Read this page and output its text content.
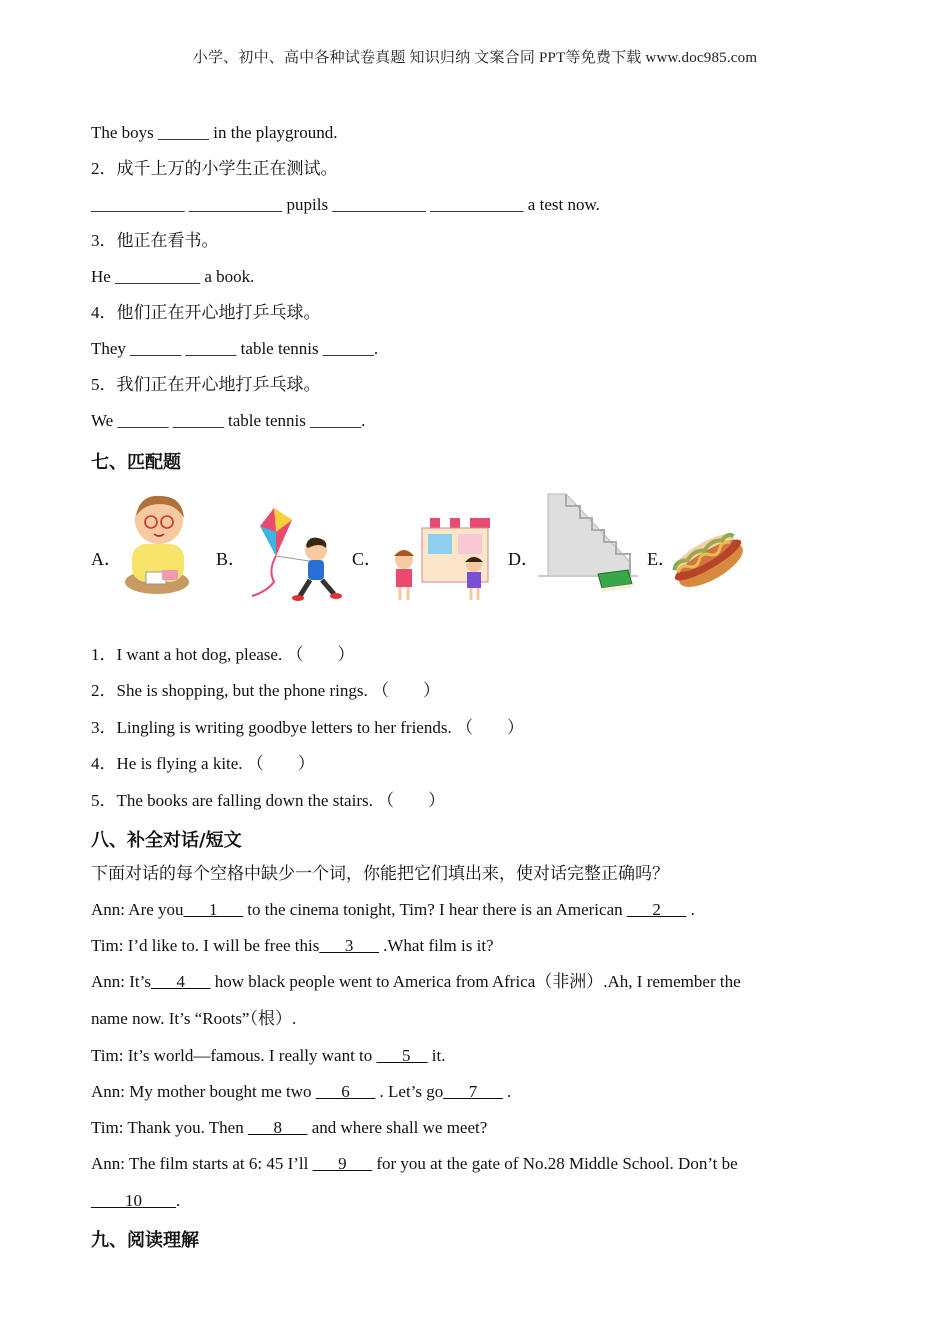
小学、初中、高中各种试卷真题 知识归纳 文案合同 PPT等免费下载 www.doc985.com
The boys ______ in the playground.
2．成千上万的小学生正在测试。
___________ ___________ pupils ___________ ___________ a test now.
3．他正在看书。
He __________ a book.
4．他们正在开心地打乒乓球。
They ______ ______ table tennis ______.
5．我们正在开心地打乒乓球。
We ______ ______ table tennis ______.
七、匹配题
A．	B．	C．	D．	E．
1．I want a hot dog, please. （　　）
2．She is shopping, but the phone rings. （　　）
3．Lingling is writing goodbye letters to her friends. （　　）
4．He is flying a kite. （　　）
5．The books are falling down the stairs. （　　）
八、补全对话/短文
下面对话的每个空格中缺少一个词，你能把它们填出来，使对话完整正确吗？
Ann: Are you___1___ to the cinema tonight, Tim? I hear there is an American ___2___ .
Tim: I’d like to. I will be free this___3___ .What film is it?
Ann: It’s___4___ how black people went to America from Africa（非洲）.Ah, I remember the
name now. It’s “Roots”（根）.
Tim: It’s world—famous. I really want to ___5__ it.
Ann: My mother bought me two ___6___ . Let’s go___7___ .
Tim: Thank you. Then ___8___ and where shall we meet?
Ann: The film starts at 6: 45 I’ll ___9___ for you at the gate of No.28 Middle School. Don’t be
____10____.
九、阅读理解
